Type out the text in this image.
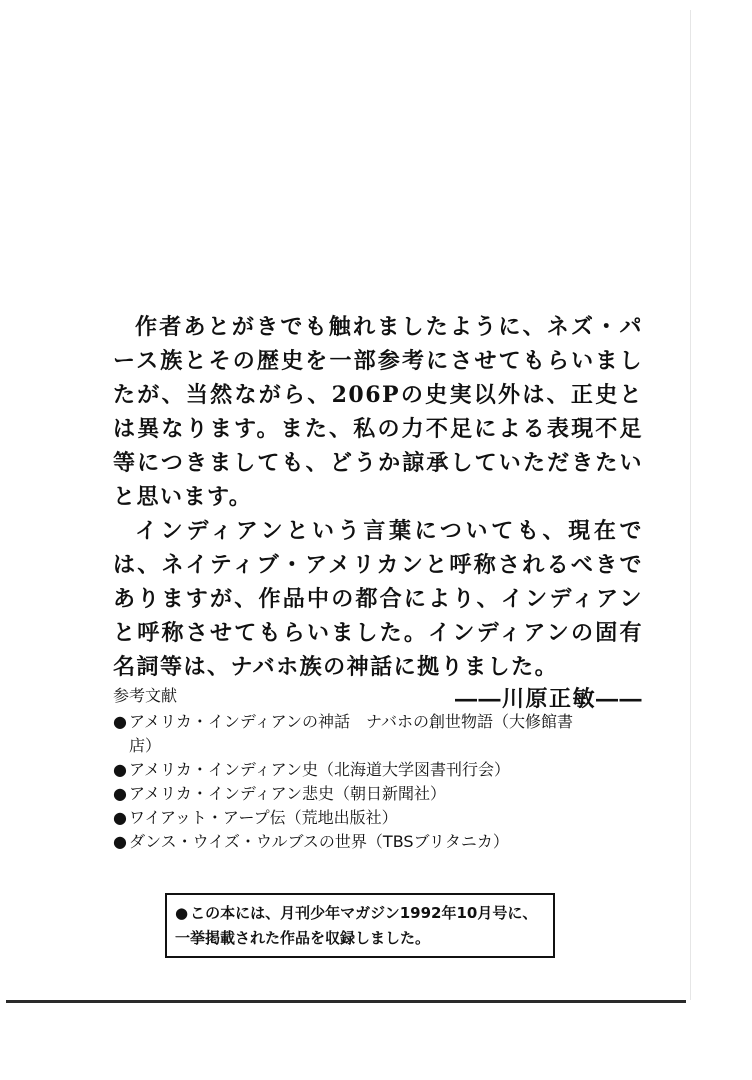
作者あとがきでも触れましたように、ネズ・パース族とその歴史を一部参考にさせてもらいましたが、当然ながら、206Pの史実以外は、正史とは異なります。また、私の力不足による表現不足等につきましても、どうか諒承していただきたいと思います。

インディアンという言葉についても、現在では、ネイティブ・アメリカンと呼称されるべきでありますが、作品中の都合により、インディアンと呼称させてもらいました。インディアンの固有名詞等は、ナバホ族の神話に拠りました。

――川原正敏――
参考文献
● アメリカ・インディアンの神話　ナバホの創世物語（大修館書店）
● アメリカ・インディアン史（北海道大学図書刊行会）
● アメリカ・インディアン悲史（朝日新聞社）
● ワイアット・アープ伝（荒地出版社）
● ダンス・ウイズ・ウルブスの世界（TBSブリタニカ）
● この本には、月刊少年マガジン1992年10月号に、一挙掲載された作品を収録しました。
